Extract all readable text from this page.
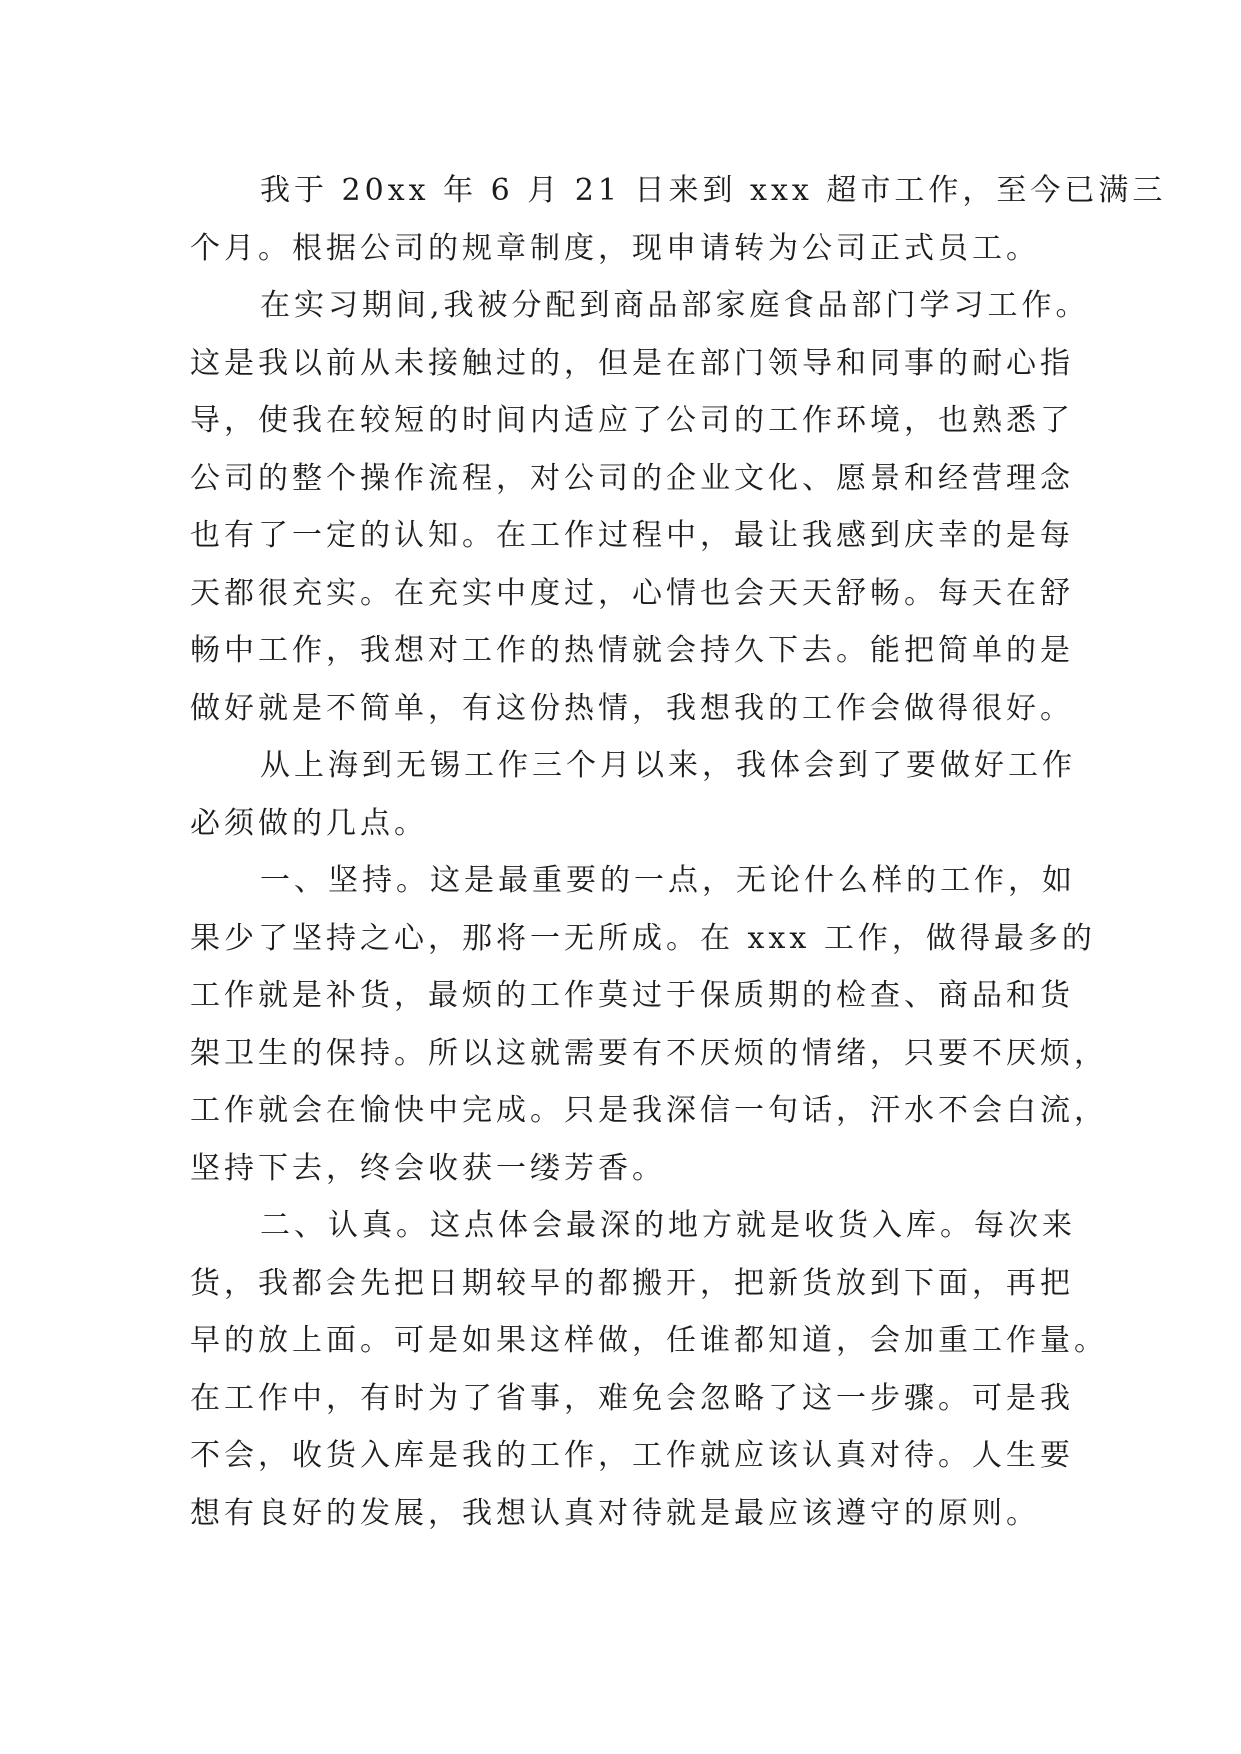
我于 20xx 年 6 月 21 日来到 xxx 超市工作，至今已满三
个月。根据公司的规章制度，现申请转为公司正式员工。
在实习期间,我被分配到商品部家庭食品部门学习工作。
这是我以前从未接触过的，但是在部门领导和同事的耐心指
导，使我在较短的时间内适应了公司的工作环境，也熟悉了
公司的整个操作流程，对公司的企业文化、愿景和经营理念
也有了一定的认知。在工作过程中，最让我感到庆幸的是每
天都很充实。在充实中度过，心情也会天天舒畅。每天在舒
畅中工作，我想对工作的热情就会持久下去。能把简单的是
做好就是不简单，有这份热情，我想我的工作会做得很好。
从上海到无锡工作三个月以来，我体会到了要做好工作
必须做的几点。
一、坚持。这是最重要的一点，无论什么样的工作，如
果少了坚持之心，那将一无所成。在 xxx 工作，做得最多的
工作就是补货，最烦的工作莫过于保质期的检查、商品和货
架卫生的保持。所以这就需要有不厌烦的情绪，只要不厌烦，
工作就会在愉快中完成。只是我深信一句话，汗水不会白流，
坚持下去，终会收获一缕芳香。
二、认真。这点体会最深的地方就是收货入库。每次来
货，我都会先把日期较早的都搬开，把新货放到下面，再把
早的放上面。可是如果这样做，任谁都知道，会加重工作量。
在工作中，有时为了省事，难免会忽略了这一步骤。可是我
不会，收货入库是我的工作，工作就应该认真对待。人生要
想有良好的发展，我想认真对待就是最应该遵守的原则。
